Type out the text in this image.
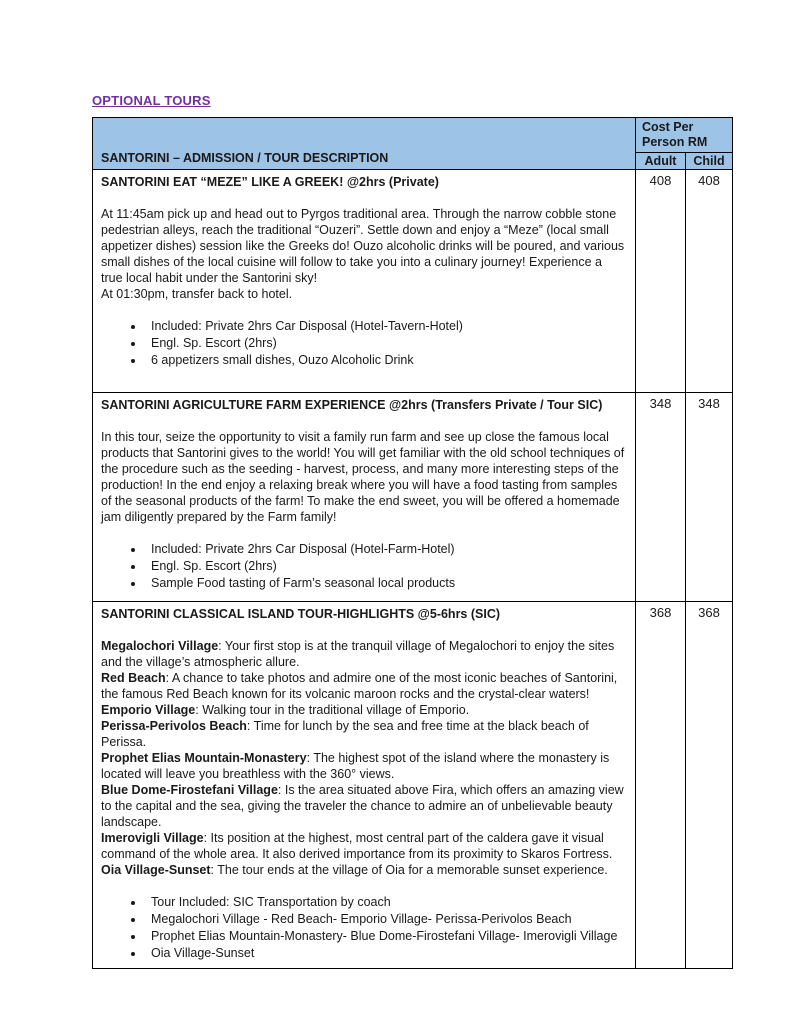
OPTIONAL TOURS
SANTORINI – ADMISSION / TOUR DESCRIPTION	Cost Per Person RM	
	Adult	Child

SANTORINI EAT “MEZE” LIKE A GREEK! @2hrs (Private)
At 11:45am pick up and head out to Pyrgos traditional area. Through the narrow cobble stone pedestrian alleys, reach the traditional “Ouzeri”. Settle down and enjoy a “Meze” (local small appetizer dishes) session like the Greeks do! Ouzo alcoholic drinks will be poured, and various small dishes of the local cuisine will follow to take you into a culinary journey! Experience a true local habit under the Santorini sky!
At 01:30pm, transfer back to hotel.
• Included: Private 2hrs Car Disposal (Hotel-Tavern-Hotel)
• Engl. Sp. Escort (2hrs)
• 6 appetizers small dishes, Ouzo Alcoholic Drink
	408	408

SANTORINI AGRICULTURE FARM EXPERIENCE @2hrs (Transfers Private / Tour SIC)
In this tour, seize the opportunity to visit a family run farm and see up close the famous local products that Santorini gives to the world! You will get familiar with the old school techniques of the procedure such as the seeding - harvest, process, and many more interesting steps of the production! In the end enjoy a relaxing break where you will have a food tasting from samples of the seasonal products of the farm! To make the end sweet, you will be offered a homemade jam diligently prepared by the Farm family!
• Included: Private 2hrs Car Disposal (Hotel-Farm-Hotel)
• Engl. Sp. Escort (2hrs)
• Sample Food tasting of Farm’s seasonal local products
	348	348

SANTORINI CLASSICAL ISLAND TOUR-HIGHLIGHTS @5-6hrs (SIC)
Megalochori Village: Your first stop is at the tranquil village of Megalochori to enjoy the sites and the village’s atmospheric allure.
Red Beach: A chance to take photos and admire one of the most iconic beaches of Santorini, the famous Red Beach known for its volcanic maroon rocks and the crystal-clear waters!
Emporio Village: Walking tour in the traditional village of Emporio.
Perissa-Perivolos Beach: Time for lunch by the sea and free time at the black beach of Perissa.
Prophet Elias Mountain-Monastery: The highest spot of the island where the monastery is located will leave you breathless with the 360° views.
Blue Dome-Firostefani Village: Is the area situated above Fira, which offers an amazing view to the capital and the sea, giving the traveler the chance to admire an of unbelievable beauty landscape.
Imerovigli Village: Its position at the highest, most central part of the caldera gave it visual command of the whole area. It also derived importance from its proximity to Skaros Fortress.
Oia Village-Sunset: The tour ends at the village of Oia for a memorable sunset experience.
• Tour Included: SIC Transportation by coach
• Megalochori Village - Red Beach- Emporio Village- Perissa-Perivolos Beach
• Prophet Elias Mountain-Monastery- Blue Dome-Firostefani Village- Imerovigli Village
• Oia Village-Sunset
	368	368
